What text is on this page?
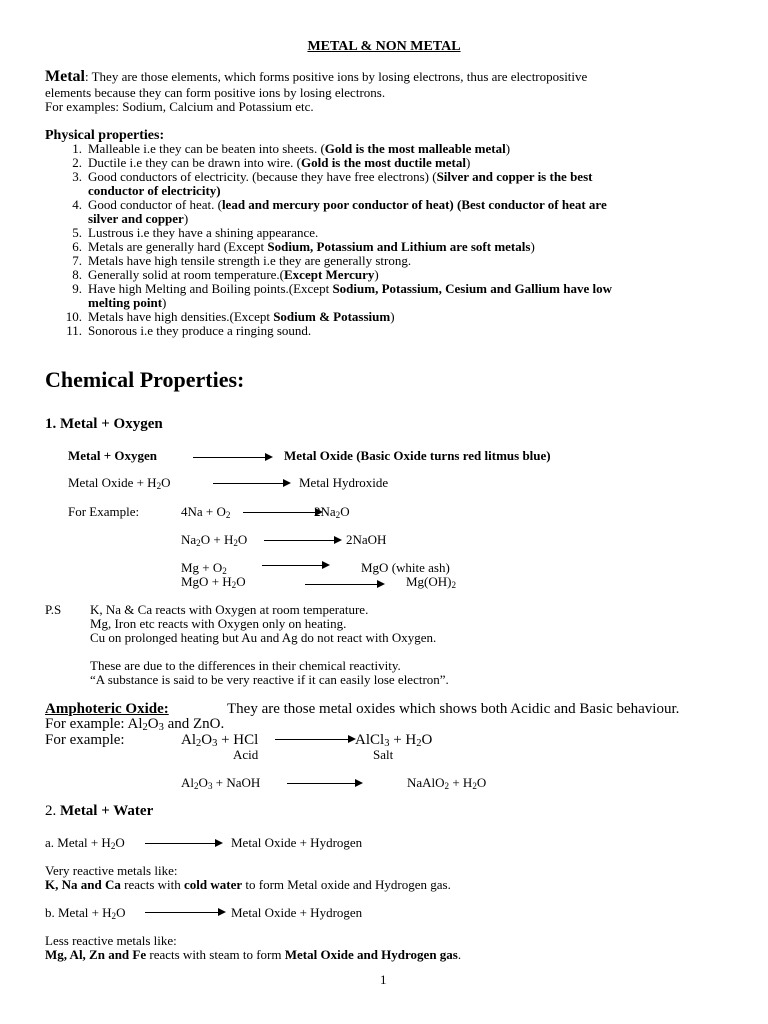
METAL & NON METAL
Metal: They are those elements, which forms positive ions by losing electrons, thus are electropositive
elements because they can form positive ions by losing electrons.
For examples: Sodium, Calcium and Potassium etc.
Physical properties:
1. Malleable i.e they can be beaten into sheets. (Gold is the most malleable metal)
2. Ductile i.e they can be drawn into wire. (Gold is the most ductile metal)
3. Good conductors of electricity. (because they have free electrons) (Silver and copper is the best
conductor of electricity)
4. Good conductor of heat. (lead and mercury poor conductor of heat) (Best conductor of heat are
silver and copper)
5. Lustrous i.e they have a shining appearance.
6. Metals are generally hard (Except Sodium, Potassium and Lithium are soft metals)
7. Metals have high tensile strength i.e they are generally strong.
8. Generally solid at room temperature.(Except Mercury)
9. Have high Melting and Boiling points.(Except Sodium, Potassium, Cesium and Gallium have low
melting point)
10. Metals have high densities.(Except Sodium & Potassium)
11. Sonorous i.e they produce a ringing sound.
Chemical Properties:
1. Metal + Oxygen
Metal + Oxygen	Metal Oxide (Basic Oxide turns red litmus blue)
Metal Oxide + $H_2O$	Metal Hydroxide
For Example:	$4Na + O_2$	$2Na_2O$
$Na_2O + H_2O$	2NaOH
$Mg + O_2$	MgO (white ash)
MgO + $H_2O$	$Mg(OH)_2$
P.S K, Na & Ca reacts with Oxygen at room temperature.
Mg, Iron etc reacts with Oxygen only on heating.
Cu on prolonged heating but Au and Ag do not react with Oxygen.
These are due to the differences in their chemical reactivity.
“A substance is said to be very reactive if it can easily lose electron”.
Amphoteric Oxide:	They are those metal oxides which shows both Acidic and Basic behaviour.
For example: $Al_2O_3$ and ZnO.
For example:	$Al_2O_3$ + HCl	AlCl$_3$ + $H_2O$
Acid	Salt
$Al_2O_3$ + NaOH	NaAlO$_2$ + $H_2O$
2. Metal + Water
a. Metal + $H_2O$	Metal Oxide + Hydrogen
Very reactive metals like:
K, Na and Ca reacts with cold water to form Metal oxide and Hydrogen gas.
b. Metal + $H_2O$	Metal Oxide + Hydrogen
Less reactive metals like:
Mg, Al, Zn and Fe reacts with steam to form Metal Oxide and Hydrogen gas.
1
